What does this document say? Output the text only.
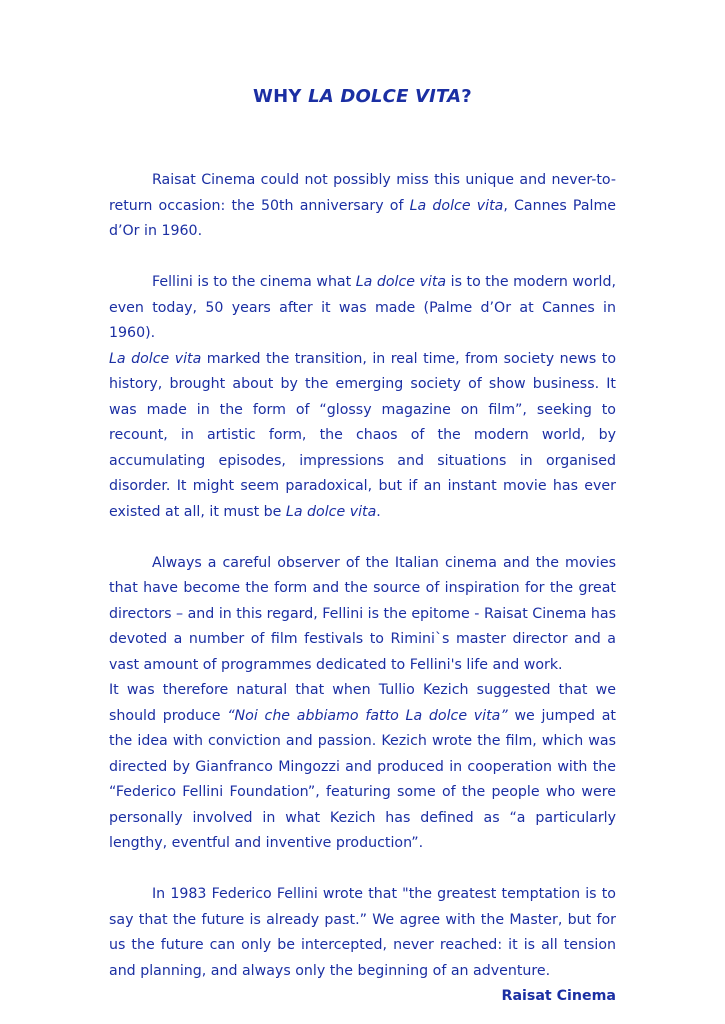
WHY LA DOLCE VITA?

Raisat Cinema could not possibly miss this unique and never-to-return occasion: the 50th anniversary of La dolce vita, Cannes Palme d’Or in 1960.

Fellini is to the cinema what La dolce vita is to the modern world, even today, 50 years after it was made (Palme d’Or at Cannes in 1960).

La dolce vita marked the transition, in real time, from society news to history, brought about by the emerging society of show business. It was made in the form of “glossy magazine on film”, seeking to recount, in artistic form, the chaos of the modern world, by accumulating episodes, impressions and situations in organised disorder. It might seem paradoxical, but if an instant movie has ever existed at all, it must be La dolce vita.

Always a careful observer of the Italian cinema and the movies that have become the form and the source of inspiration for the great directors – and in this regard, Fellini is the epitome - Raisat Cinema has devoted a number of film festivals to Rimini`s master director and a vast amount of programmes dedicated to Fellini's life and work.

It was therefore natural that when Tullio Kezich suggested that we should produce “Noi che abbiamo fatto La dolce vita” we jumped at the idea with conviction and passion. Kezich wrote the film, which was directed by Gianfranco Mingozzi and produced in cooperation with the “Federico Fellini Foundation”, featuring some of the people who were personally involved in what Kezich has defined as “a particularly lengthy, eventful and inventive production”.

In 1983 Federico Fellini wrote that "the greatest temptation is to say that the future is already past.” We agree with the Master, but for us the future can only be intercepted, never reached: it is all tension and planning, and always only the beginning of an adventure.

Raisat Cinema
